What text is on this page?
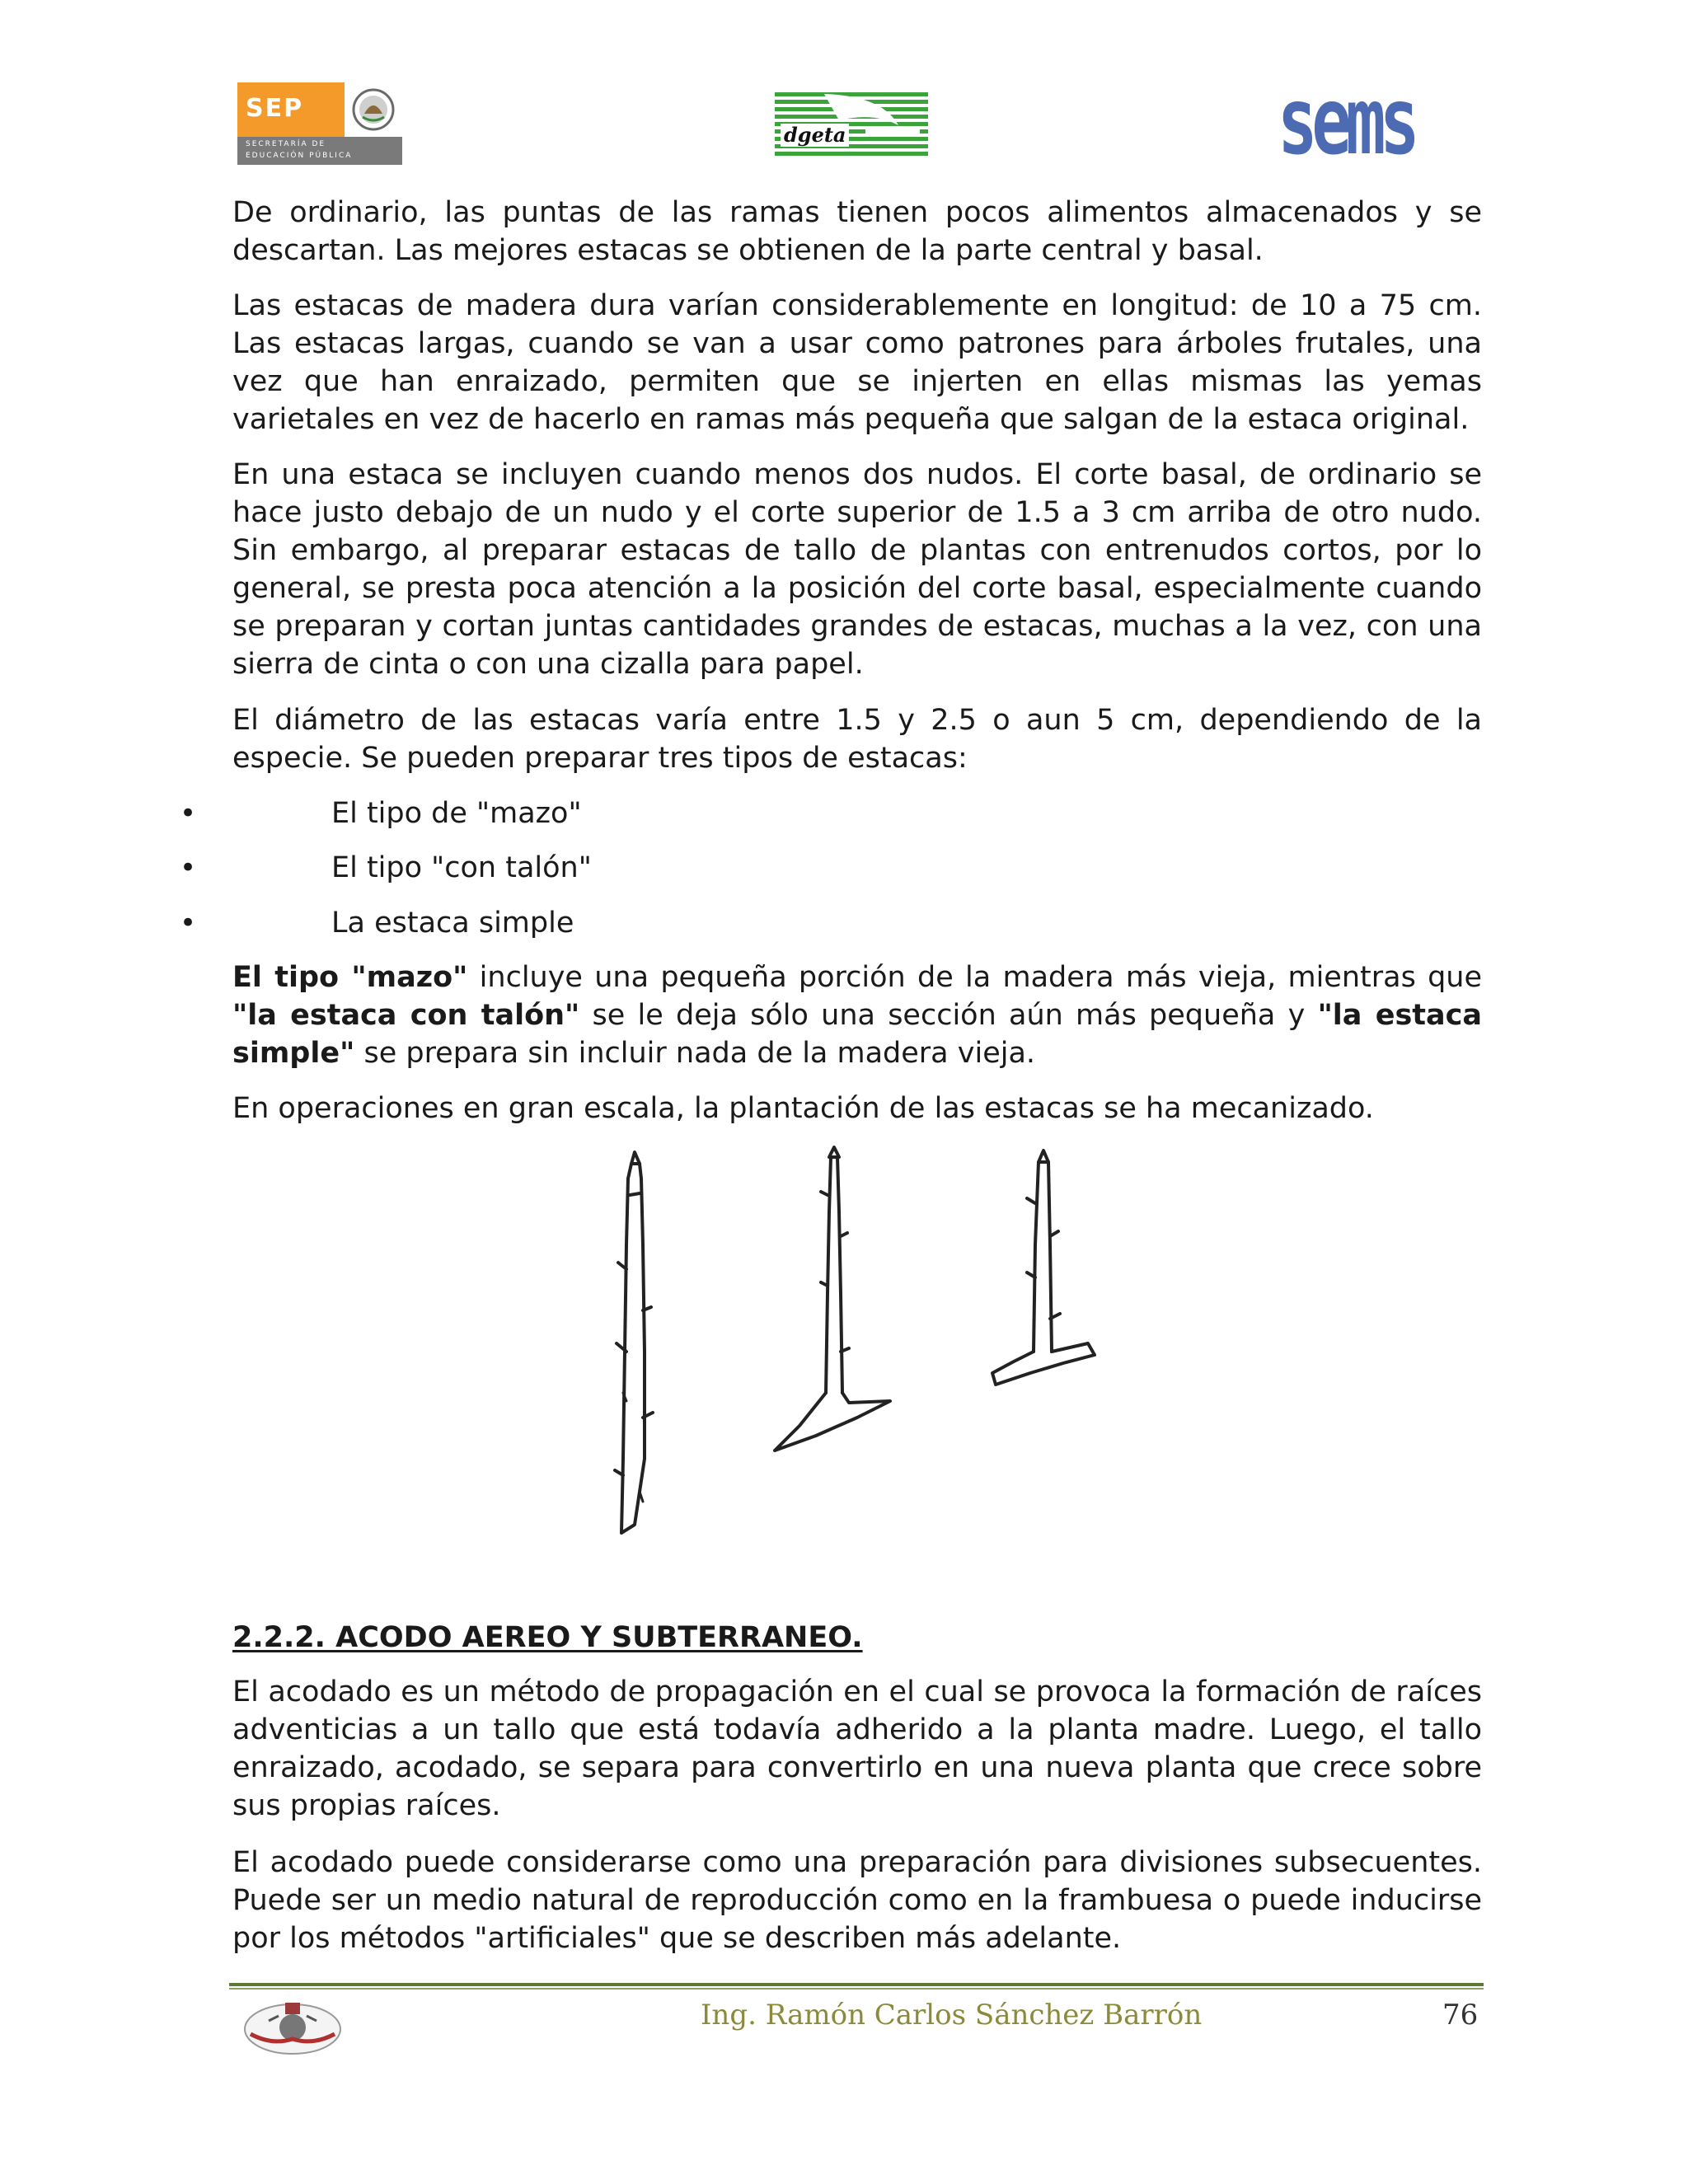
SEP
SECRETARÍA DE
EDUCACIÓN PÚBLICA
dgeta	sems
De ordinario, las puntas de las ramas tienen pocos alimentos almacenados y se descartan. Las mejores estacas se obtienen de la parte central y basal.
Las estacas de madera dura varían considerablemente en longitud: de 10 a 75 cm. Las estacas largas, cuando se van a usar como patrones para árboles frutales, una vez que han enraizado, permiten que se injerten en ellas mismas las yemas varietales en vez de hacerlo en ramas más pequeña que salgan de la estaca original.
En una estaca se incluyen cuando menos dos nudos. El corte basal, de ordinario se hace justo debajo de un nudo y el corte superior de 1.5 a 3 cm arriba de otro nudo. Sin embargo, al preparar estacas de tallo de plantas con entrenudos cortos, por lo general, se presta poca atención a la posición del corte basal, especialmente cuando se preparan y cortan juntas cantidades grandes de estacas, muchas a la vez, con una sierra de cinta o con una cizalla para papel.
El diámetro de las estacas varía entre 1.5 y 2.5 o aun 5 cm, dependiendo de la especie. Se pueden preparar tres tipos de estacas:
•	El tipo de "mazo"
•	El tipo "con talón"
•	La estaca simple
El tipo "mazo" incluye una pequeña porción de la madera más vieja, mientras que "la estaca con talón" se le deja sólo una sección aún más pequeña y "la estaca simple" se prepara sin incluir nada de la madera vieja.
En operaciones en gran escala, la plantación de las estacas se ha mecanizado.
2.2.2. ACODO AEREO Y SUBTERRANEO.
El acodado es un método de propagación en el cual se provoca la formación de raíces adventicias a un tallo que está todavía adherido a la planta madre. Luego, el tallo enraizado, acodado, se separa para convertirlo en una nueva planta que crece sobre sus propias raíces.
El acodado puede considerarse como una preparación para divisiones subsecuentes. Puede ser un medio natural de reproducción como en la frambuesa o puede inducirse por los métodos "artificiales" que se describen más adelante.
Ing. Ramón Carlos Sánchez Barrón	76
